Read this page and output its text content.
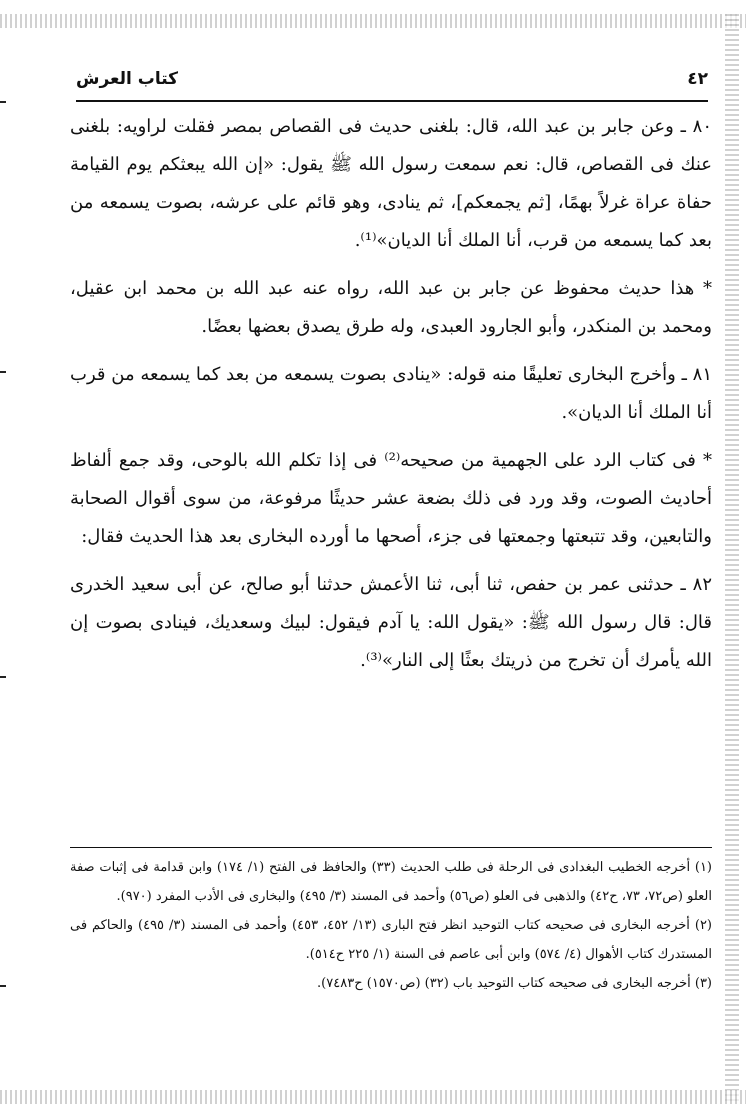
٤٢
كتاب العرش

٨٠ ـ وعن جابر بن عبد الله، قال: بلغنى حديث فى القصاص بمصر فقلت لراويه: بلغنى عنك فى القصاص، قال: نعم سمعت رسول الله ﷺ يقول: «إن الله يبعثكم يوم القيامة حفاة عراة غرلاً بهمًا، [ثم يجمعكم]، ثم ينادى، وهو قائم على عرشه، بصوت يسمعه من بعد كما يسمعه من قرب، أنا الملك أنا الديان»⁽¹⁾.

* هذا حديث محفوظ عن جابر بن عبد الله، رواه عنه عبد الله بن محمد ابن عقيل، ومحمد بن المنكدر، وأبو الجارود العبدى، وله طرق يصدق بعضها بعضًا.

٨١ ـ وأخرج البخارى تعليقًا منه قوله: «ينادى بصوت يسمعه من بعد كما يسمعه من قرب أنا الملك أنا الديان».

* فى كتاب الرد على الجهمية من صحيحه⁽²⁾ فى إذا تكلم الله بالوحى، وقد جمع ألفاظ أحاديث الصوت، وقد ورد فى ذلك بضعة عشر حديثًا مرفوعة، من سوى أقوال الصحابة والتابعين، وقد تتبعتها وجمعتها فى جزء، أصحها ما أورده البخارى بعد هذا الحديث فقال:

٨٢ ـ حدثنى عمر بن حفص، ثنا أبى، ثنا الأعمش حدثنا أبو صالح، عن أبى سعيد الخدرى قال: قال رسول الله ﷺ: «يقول الله: يا آدم فيقول: لبيك وسعديك، فينادى بصوت إن الله يأمرك أن تخرج من ذريتك بعثًا إلى النار»⁽³⁾.

(١) أخرجه الخطيب البغدادى فى الرحلة فى طلب الحديث (٣٣) والحافظ فى الفتح (١/ ١٧٤) وابن قدامة فى إثبات صفة العلو (ص٧٢، ٧٣، ح٤٢) والذهبى فى العلو (ص٥٦) وأحمد فى المسند (٣/ ٤٩٥) والبخارى فى الأدب المفرد (٩٧٠).

(٢) أخرجه البخارى فى صحيحه كتاب التوحيد انظر فتح البارى (١٣/ ٤٥٢، ٤٥٣) وأحمد فى المسند (٣/ ٤٩٥) والحاكم فى المستدرك كتاب الأهوال (٤/ ٥٧٤) وابن أبى عاصم فى السنة (١/ ٢٢٥ ح٥١٤).

(٣) أخرجه البخارى فى صحيحه كتاب التوحيد باب (٣٢) (ص١٥٧٠) ح٧٤٨٣).
